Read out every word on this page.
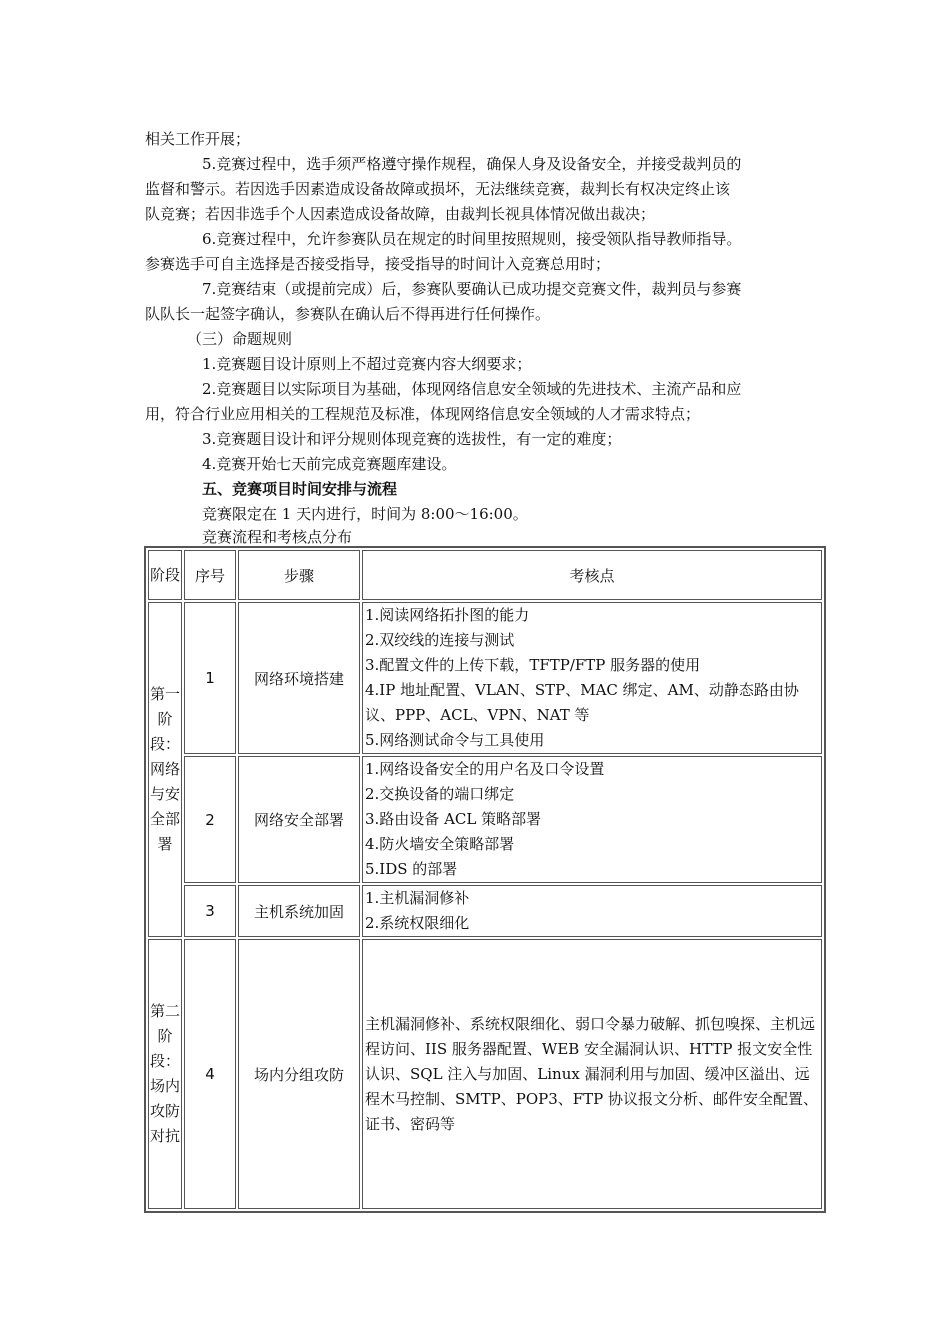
相关工作开展；
5.竞赛过程中，选手须严格遵守操作规程，确保人身及设备安全，并接受裁判员的
监督和警示。若因选手因素造成设备故障或损坏，无法继续竞赛，裁判长有权决定终止该
队竞赛；若因非选手个人因素造成设备故障，由裁判长视具体情况做出裁决；
6.竞赛过程中，允许参赛队员在规定的时间里按照规则，接受领队指导教师指导。
参赛选手可自主选择是否接受指导，接受指导的时间计入竞赛总用时；
7.竞赛结束（或提前完成）后，参赛队要确认已成功提交竞赛文件，裁判员与参赛
队队长一起签字确认，参赛队在确认后不得再进行任何操作。
（三）命题规则
1.竞赛题目设计原则上不超过竞赛内容大纲要求；
2.竞赛题目以实际项目为基础，体现网络信息安全领域的先进技术、主流产品和应
用，符合行业应用相关的工程规范及标准，体现网络信息安全领域的人才需求特点；
3.竞赛题目设计和评分规则体现竞赛的选拔性，有一定的难度；
4.竞赛开始七天前完成竞赛题库建设。
五、竞赛项目时间安排与流程
竞赛限定在 1 天内进行，时间为 8:00～16:00。
竞赛流程和考核点分布
阶段	序号	步骤	考核点
第一阶段：网络与安全部署	1	网络环境搭建	1.阅读网络拓扑图的能力
2.双绞线的连接与测试
3.配置文件的上传下载，TFTP/FTP 服务器的使用
4.IP 地址配置、VLAN、STP、MAC 绑定、AM、动静态路由协议、PPP、ACL、VPN、NAT 等
5.网络测试命令与工具使用

	2	网络安全部署	1.网络设备安全的用户名及口令设置
2.交换设备的端口绑定
3.路由设备 ACL 策略部署
4.防火墙安全策略部署
5.IDS 的部署

	3	主机系统加固	1.主机漏洞修补
2.系统权限细化

第二阶段：场内攻防对抗	4	场内分组攻防	主机漏洞修补、系统权限细化、弱口令暴力破解、抓包嗅探、主机远程访问、IIS 服务器配置、WEB 安全漏洞认识、HTTP 报文安全性认识、SQL 注入与加固、Linux 漏洞利用与加固、缓冲区溢出、远程木马控制、SMTP、POP3、FTP 协议报文分析、邮件安全配置、证书、密码等
